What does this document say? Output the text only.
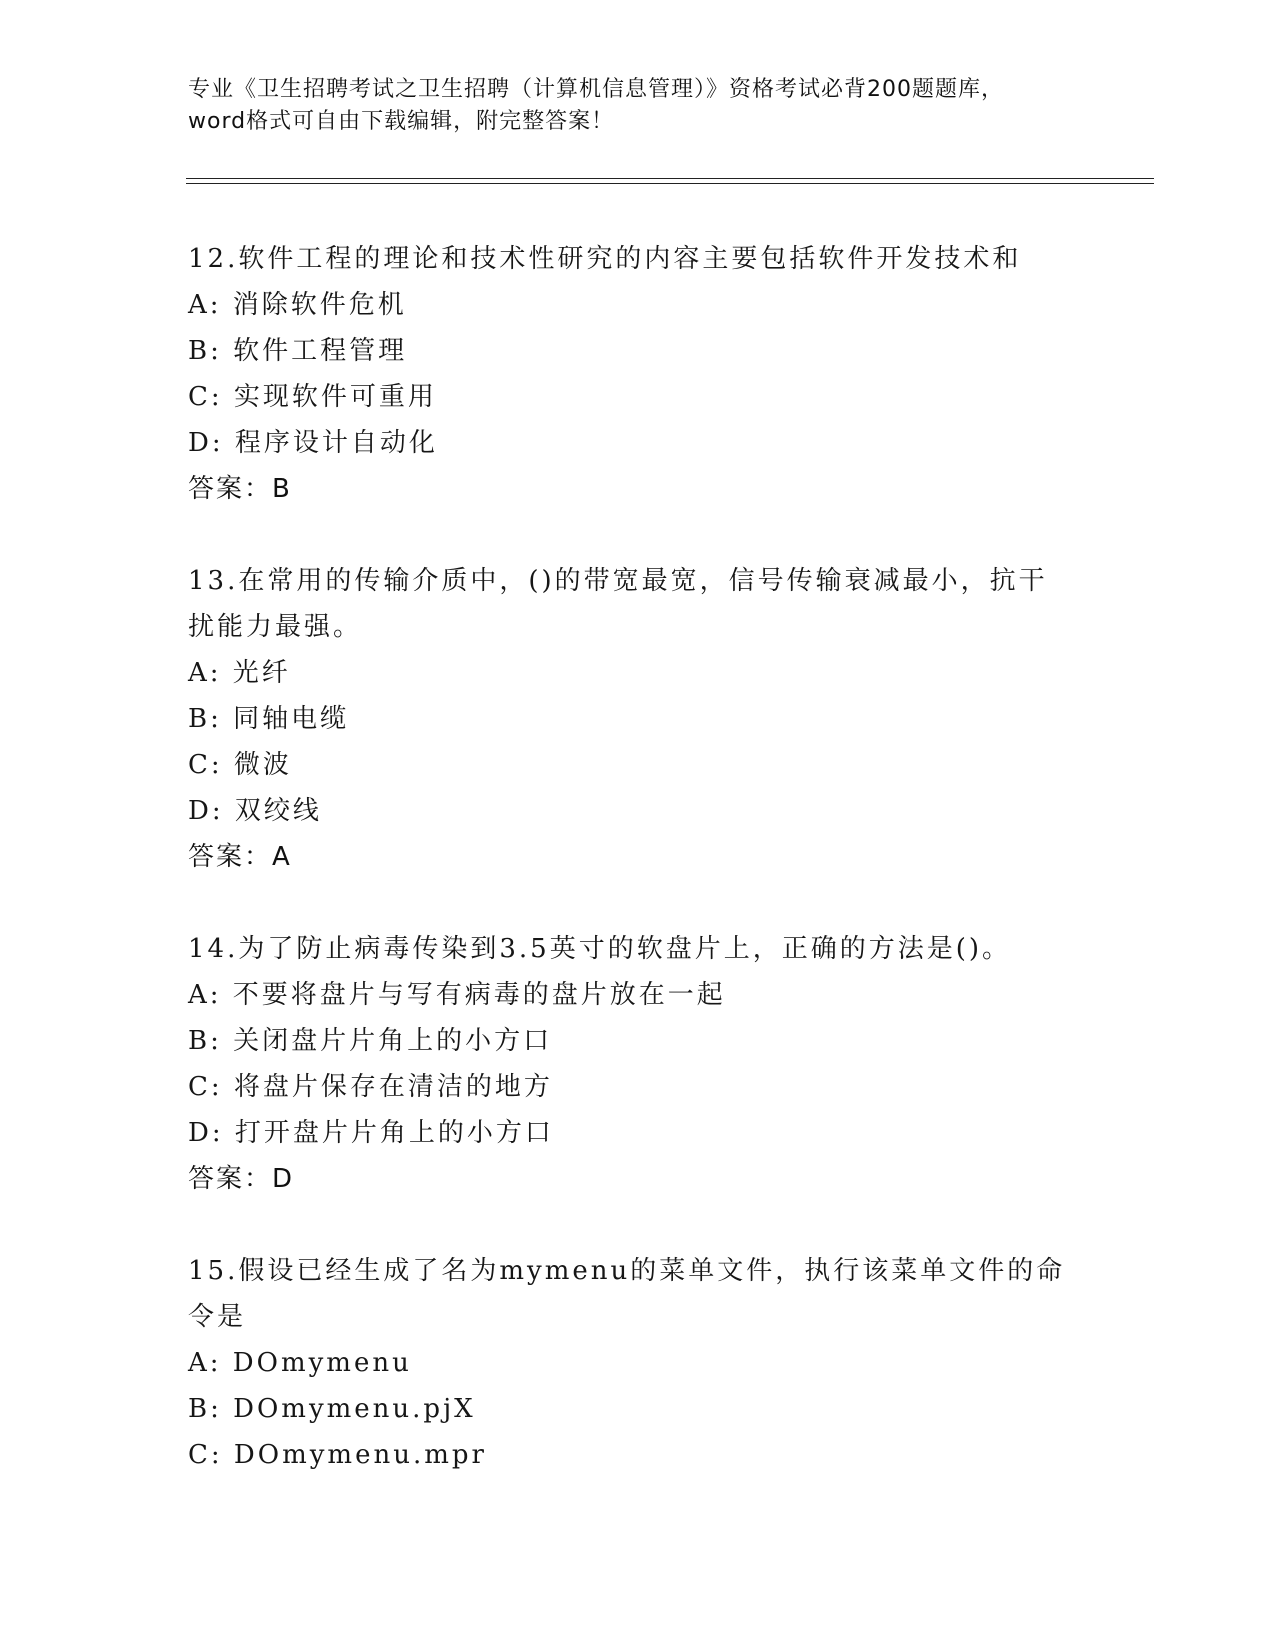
专业《卫生招聘考试之卫生招聘（计算机信息管理）》资格考试必背200题题库，
word格式可自由下载编辑，附完整答案！

12.软件工程的理论和技术性研究的内容主要包括软件开发技术和

A: 消除软件危机

B: 软件工程管理

C: 实现软件可重用

D: 程序设计自动化

答案：B

13.在常用的传输介质中，()的带宽最宽，信号传输衰减最小，抗干扰能力最强。

A: 光纤

B: 同轴电缆

C: 微波

D: 双绞线

答案：A

14.为了防止病毒传染到3.5英寸的软盘片上，正确的方法是()。

A: 不要将盘片与写有病毒的盘片放在一起

B: 关闭盘片片角上的小方口

C: 将盘片保存在清洁的地方

D: 打开盘片片角上的小方口

答案：D

15.假设已经生成了名为mymenu的菜单文件，执行该菜单文件的命令是

A: DOmymenu

B: DOmymenu.pjX

C: DOmymenu.mpr
